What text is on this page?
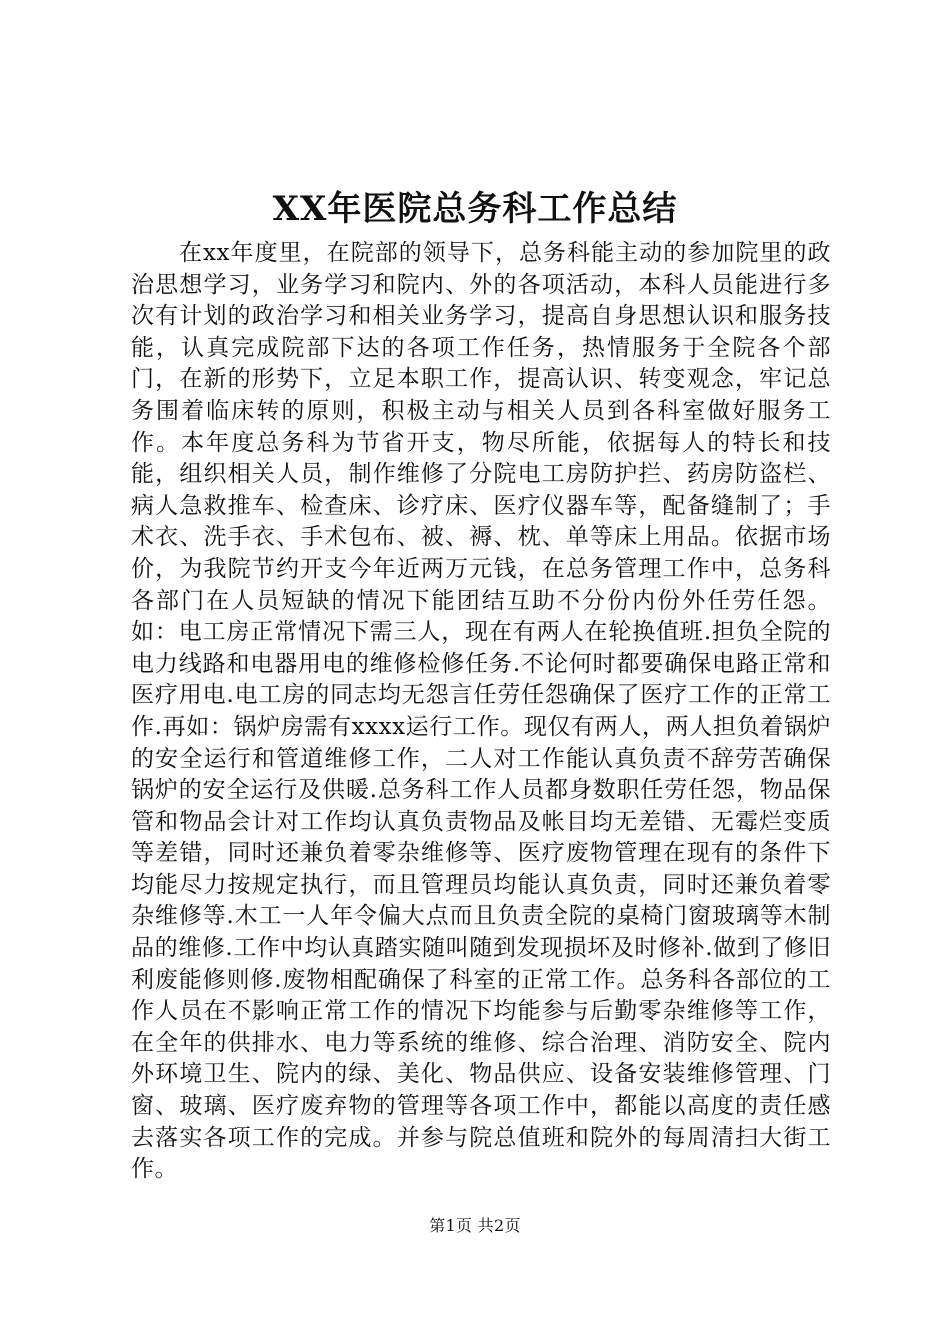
XX年医院总务科工作总结

在xx年度里，在院部的领导下，总务科能主动的参加院里的政治思想学习，业务学习和院内、外的各项活动，本科人员能进行多次有计划的政治学习和相关业务学习，提高自身思想认识和服务技能，认真完成院部下达的各项工作任务，热情服务于全院各个部门，在新的形势下，立足本职工作，提高认识、转变观念，牢记总务围着临床转的原则，积极主动与相关人员到各科室做好服务工作。本年度总务科为节省开支，物尽所能，依据每人的特长和技能，组织相关人员，制作维修了分院电工房防护拦、药房防盗栏、病人急救推车、检查床、诊疗床、医疗仪器车等，配备缝制了；手术衣、洗手衣、手术包布、被、褥、枕、单等床上用品。依据市场价，为我院节约开支今年近两万元钱，在总务管理工作中，总务科各部门在人员短缺的情况下能团结互助不分份内份外任劳任怨。如：电工房正常情况下需三人，现在有两人在轮换值班.担负全院的电力线路和电器用电的维修检修任务.不论何时都要确保电路正常和医疗用电.电工房的同志均无怨言任劳任怨确保了医疗工作的正常工作.再如：锅炉房需有xxxx运行工作。现仅有两人，两人担负着锅炉的安全运行和管道维修工作，二人对工作能认真负责不辞劳苦确保锅炉的安全运行及供暖.总务科工作人员都身数职任劳任怨，物品保管和物品会计对工作均认真负责物品及帐目均无差错、无霉烂变质等差错，同时还兼负着零杂维修等、医疗废物管理在现有的条件下均能尽力按规定执行，而且管理员均能认真负责，同时还兼负着零杂维修等.木工一人年令偏大点而且负责全院的桌椅门窗玻璃等木制品的维修.工作中均认真踏实随叫随到发现损坏及时修补.做到了修旧利废能修则修.废物相配确保了科室的正常工作。总务科各部位的工作人员在不影响正常工作的情况下均能参与后勤零杂维修等工作，在全年的供排水、电力等系统的维修、综合治理、消防安全、院内外环境卫生、院内的绿、美化、物品供应、设备安装维修管理、门窗、玻璃、医疗废弃物的管理等各项工作中，都能以高度的责任感去落实各项工作的完成。并参与院总值班和院外的每周清扫大街工作。

第1页 共2页
